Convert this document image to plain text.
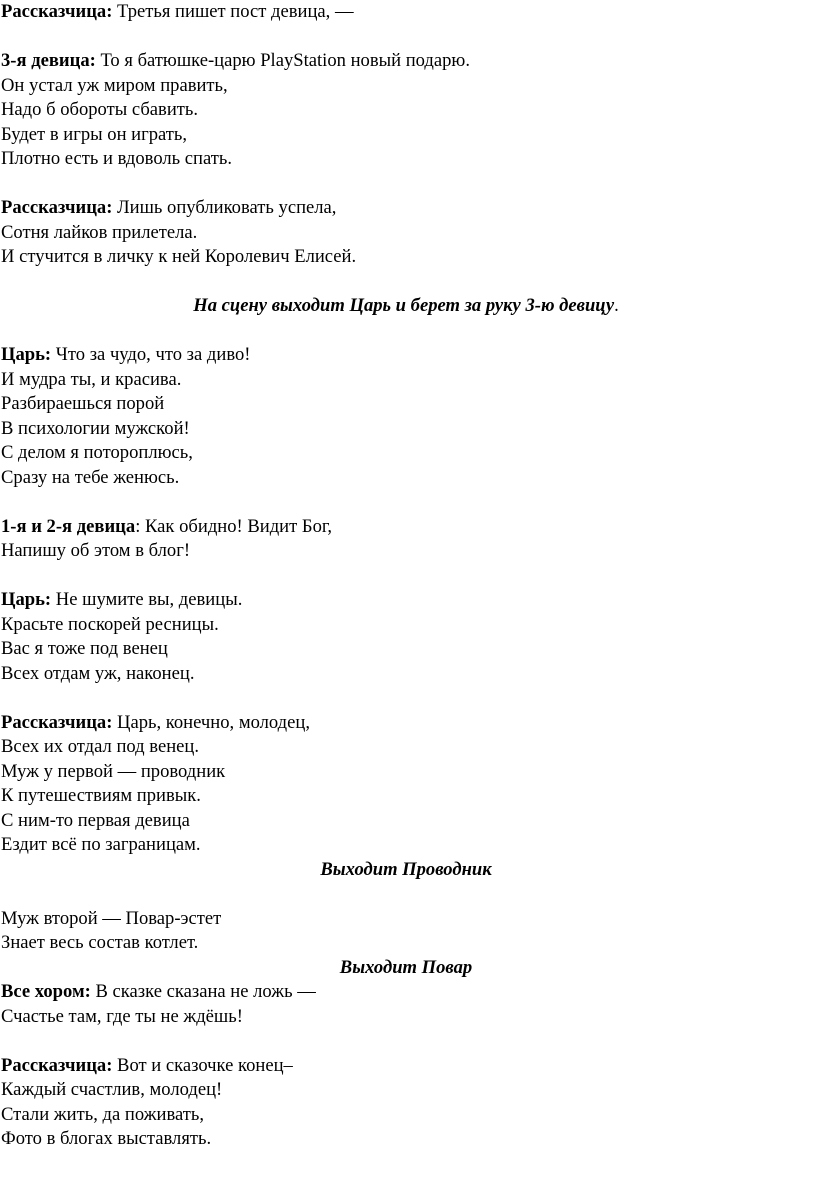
Рассказчица: Третья пишет пост девица, —
3-я девица: То я батюшке-царю PlayStation новый подарю.
Он устал уж миром править,
Надо б обороты сбавить.
Будет в игры он играть,
Плотно есть и вдоволь спать.
Рассказчица: Лишь опубликовать успела,
Сотня лайков прилетела.
И стучится в личку к ней Королевич Елисей.
На сцену выходит Царь и берет за руку 3-ю девицу.
Царь: Что за чудо, что за диво!
И мудра ты, и красива.
Разбираешься порой
В психологии мужской!
С делом я потороплюсь,
Сразу на тебе женюсь.
1-я и 2-я девица: Как обидно! Видит Бог,
Напишу об этом в блог!
Царь: Не шумите вы, девицы.
Красьте поскорей ресницы.
Вас я тоже под венец
Всех отдам уж, наконец.
Рассказчица: Царь, конечно, молодец,
Всех их отдал под венец.
Муж у первой — проводник
К путешествиям привык.
С ним-то первая девица
Ездит всё по заграницам.
Выходит Проводник
Муж второй — Повар-эстет
Знает весь состав котлет.
Выходит Повар
Все хором: В сказке сказана не ложь —
Счастье там, где ты не ждёшь!
Рассказчица: Вот и сказочке конец–
Каждый счастлив, молодец!
Стали жить, да поживать,
Фото в блогах выставлять.
